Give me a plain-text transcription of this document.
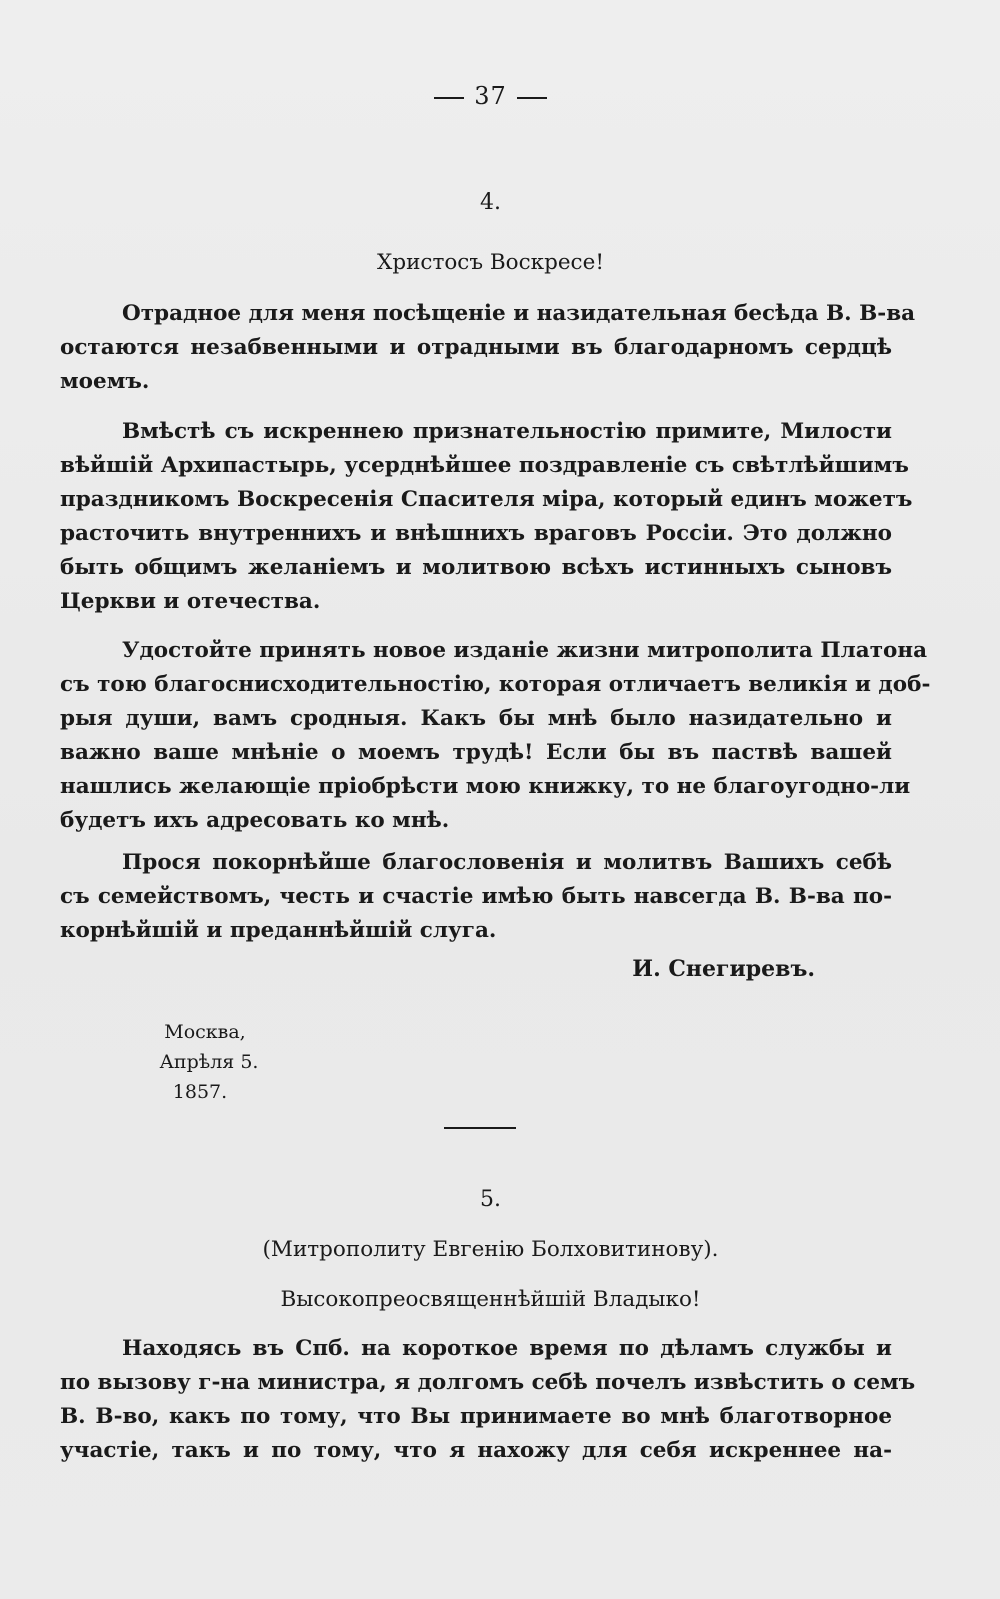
37
4.
Христосъ Воскресе!
Отрадное для меня посѣщеніе и назидательная бесѣда В. В-ва
остаются незабвенными и отрадными въ благодарномъ сердцѣ
моемъ.
Вмѣстѣ съ искреннею признательностію примите, Милости
вѣйшій Архипастырь, усерднѣйшее поздравленіе съ свѣтлѣйшимъ
праздникомъ Воскресенія Спасителя міра, который единъ можетъ
расточить внутреннихъ и внѣшнихъ враговъ Россіи. Это должно
быть общимъ желаніемъ и молитвою всѣхъ истинныхъ сыновъ
Церкви и отечества.
Удостойте принять новое изданіе жизни митрополита Платона
съ тою благоснисходительностію, которая отличаетъ великія и доб-
рыя души, вамъ сродныя. Какъ бы мнѣ было назидательно и
важно ваше мнѣніе о моемъ трудѣ! Если бы въ паствѣ вашей
нашлись желающіе пріобрѣсти мою книжку, то не благоугодно-ли
будетъ ихъ адресовать ко мнѣ.
Прося покорнѣйше благословенія и молитвъ Вашихъ себѣ
съ семействомъ, честь и счастіе имѣю быть навсегда В. В-ва по-
корнѣйшій и преданнѣйшій слуга.
И. Снегиревъ.
Москва,
Апрѣля 5.
1857.
5.
(Митрополиту Евгенію Болховитинову).
Высокопреосвященнѣйшій Владыко!
Находясь въ Спб. на короткое время по дѣламъ службы и
по вызову г-на министра, я долгомъ себѣ почелъ извѣстить о семъ
В. В-во, какъ по тому, что Вы принимаете во мнѣ благотворное
участіе, такъ и по тому, что я нахожу для себя искреннее на-
